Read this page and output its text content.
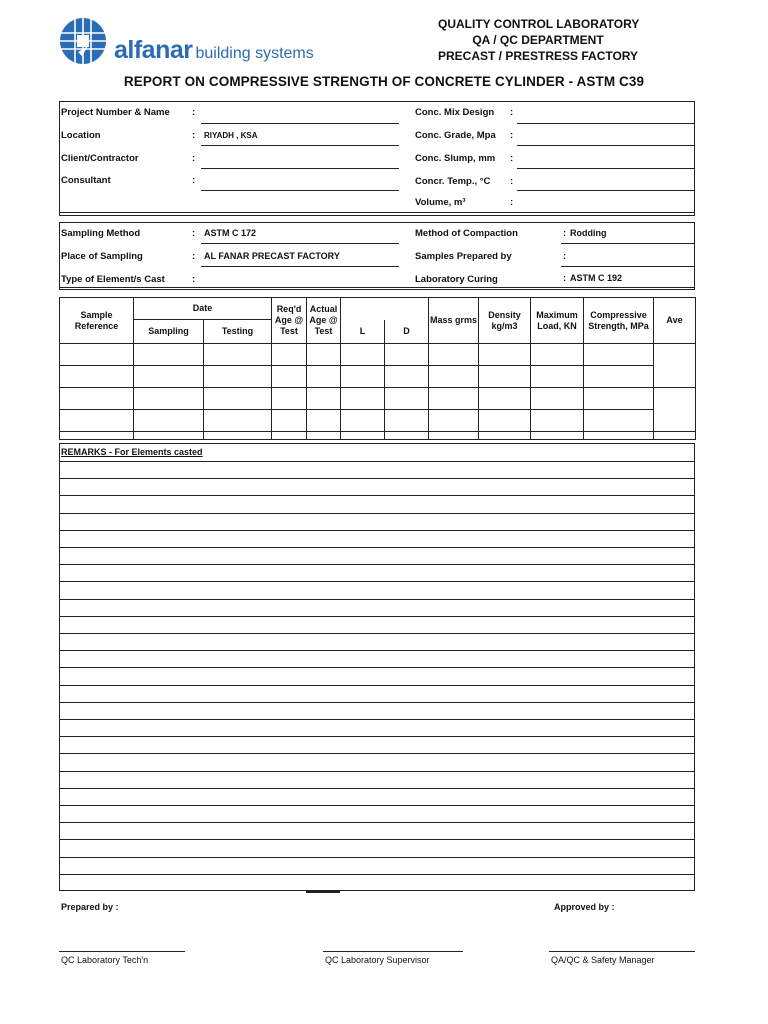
alfanar building systems
QUALITY CONTROL LABORATORY
QA / QC DEPARTMENT
PRECAST / PRESTRESS FACTORY
REPORT ON COMPRESSIVE STRENGTH OF CONCRETE CYLINDER - ASTM C39
Project Number & Name :
Location	: RIYADH , KSA
Client/Contractor	:
Consultant	:
Conc. Mix Design :
Conc. Grade, Mpa :
Conc. Slump, mm :
Concr. Temp., °C :
Volume, m³	:
Sampling Method	: ASTM C 172
Place of Sampling	: AL FANAR PRECAST FACTORY
Type of Element/s Cast	:
Method of Compaction	: Rodding
Samples Prepared by	:
Laboratory Curing	: ASTM C 192
Sample Reference	Date		Req'd Age @ Test	Actual Age @ Test			Mass grms	Density kg/m3	Maximum Load, KN	Compressive Strength, MPa	Ave
	Sampling	Testing			L	D					

REMARKS - For Elements casted
Prepared by :	Approved by :
QC Laboratory Tech'n	QC Laboratory Supervisor	QA/QC & Safety Manager
